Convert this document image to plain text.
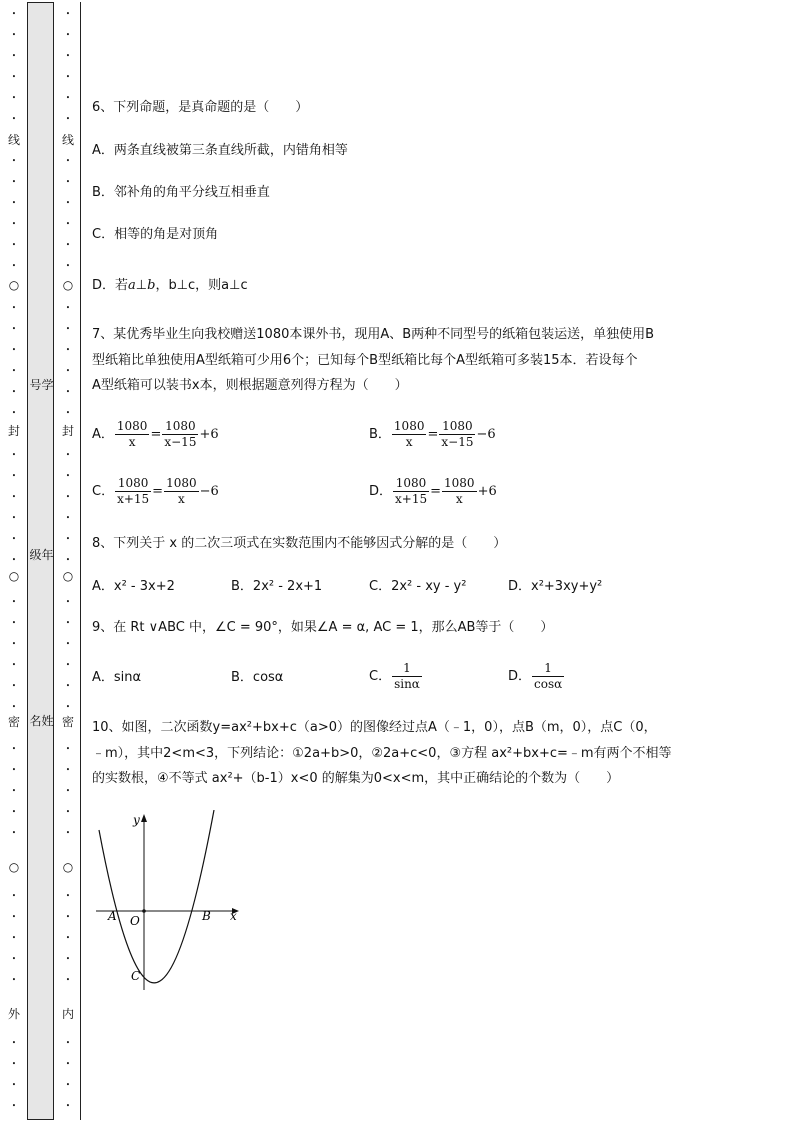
•
•
•
•
•
•
•
•
•
•
•
•
•
•
•
•
•
•
•
•
•
•
•
•
•
•
•
•
•
•
•
•
•
•
•
•
•
•
•
•
•
•
•
•
线
○
封
○
密
○
外
号学
级年
名姓
•
•
•
•
•
•
•
•
•
•
•
•
•
•
•
•
•
•
•
•
•
•
•
•
•
•
•
•
•
•
•
•
•
•
•
•
•
•
•
•
•
•
•
•
线
○
封
○
密
○
内
6、下列命题，是真命题的是（　　）
A．两条直线被第三条直线所截，内错角相等
B．邻补角的角平分线互相垂直
C．相等的角是对顶角
D．若a⊥b，b⊥c，则a⊥c
7、某优秀毕业生向我校赠送1080本课外书，现用A、B两种不同型号的纸箱包装运送，单独使用B
型纸箱比单独使用A型纸箱可少用6个；已知每个B型纸箱比每个A型纸箱可多装15本．若设每个
A型纸箱可以装书x本，则根据题意列得方程为（　　）
A． $\frac{1080}{x} = \frac{1080}{x-15} +6$	B． $\frac{1080}{x} = \frac{1080}{x-15} -6$
C． $\frac{1080}{x+15} = \frac{1080}{x} -6$	D． $\frac{1080}{x+15} = \frac{1080}{x} +6$
8、下列关于 x 的二次三项式在实数范围内不能够因式分解的是（　　）
A．x² - 3x+2	B．2x² - 2x+1	C．2x² - xy - y²	D．x²+3xy+y²
9、在 Rt ∨ABC 中，∠C = 90°，如果∠A = α, AC = 1，那么AB等于（　　）
A．sinα	B．cosα	C． $\frac{1}{\sin\alpha}$	D． $\frac{1}{\cos\alpha}$
10、如图，二次函数y=ax²+bx+c（a>0）的图像经过点A（﹣1，0），点B（m，0），点C（0，
﹣m），其中2<m<3，下列结论：①2a+b>0，②2a+c<0，③方程 ax²+bx+c=﹣m有两个不相等
的实数根，④不等式 ax²+（b-1）x<0 的解集为0<x<m，其中正确结论的个数为（　　）
y
x
A O	B
C
